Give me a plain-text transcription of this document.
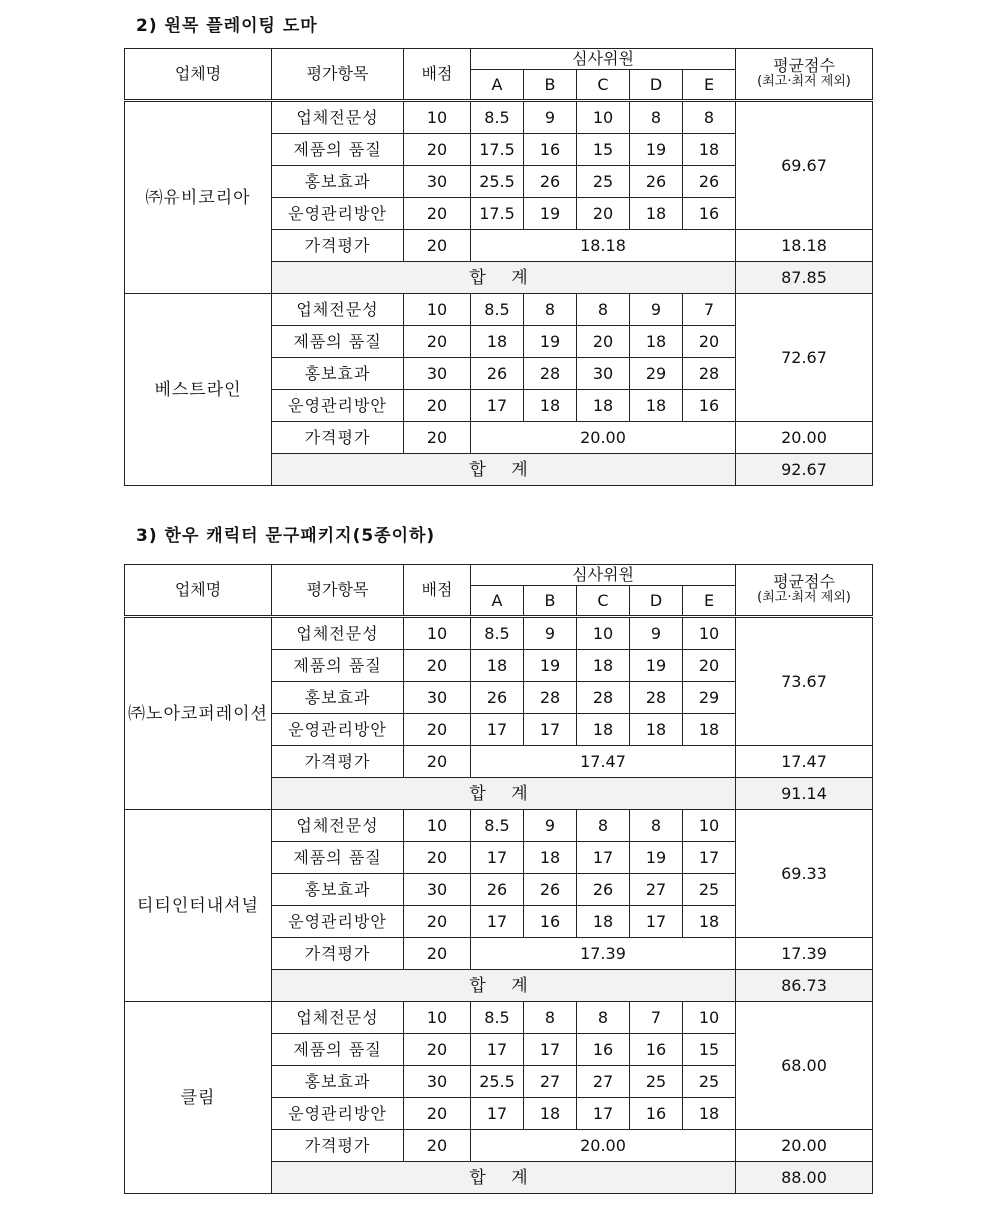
2) 원목 플레이팅 도마
업체명	평가항목	배점	심사위원					평균점수
(최고·최저 제외)

			A	B	C	D	E	
㈜유비코리아	업체전문성	10	8.5	9	10	8	8	69.67
	제품의 품질	20	17.5	16	15	19	18	
	홍보효과	30	25.5	26	25	26	26	
	운영관리방안	20	17.5	19	20	18	16	
	가격평가	20	18.18					18.18
	합 계							87.85
베스트라인	업체전문성	10	8.5	8	8	9	7	72.67
	제품의 품질	20	18	19	20	18	20	
	홍보효과	30	26	28	30	29	28	
	운영관리방안	20	17	18	18	18	16	
	가격평가	20	20.00					20.00
	합 계							92.67
3) 한우 캐릭터 문구패키지(5종이하)
업체명	평가항목	배점	심사위원					평균점수
(최고·최저 제외)

			A	B	C	D	E	
㈜노아코퍼레이션	업체전문성	10	8.5	9	10	9	10	73.67
	제품의 품질	20	18	19	18	19	20	
	홍보효과	30	26	28	28	28	29	
	운영관리방안	20	17	17	18	18	18	
	가격평가	20	17.47					17.47
	합 계							91.14
티티인터내셔널	업체전문성	10	8.5	9	8	8	10	69.33
	제품의 품질	20	17	18	17	19	17	
	홍보효과	30	26	26	26	27	25	
	운영관리방안	20	17	16	18	17	18	
	가격평가	20	17.39					17.39
	합 계							86.73
클림	업체전문성	10	8.5	8	8	7	10	68.00
	제품의 품질	20	17	17	16	16	15	
	홍보효과	30	25.5	27	27	25	25	
	운영관리방안	20	17	18	17	16	18	
	가격평가	20	20.00					20.00
	합 계							88.00
